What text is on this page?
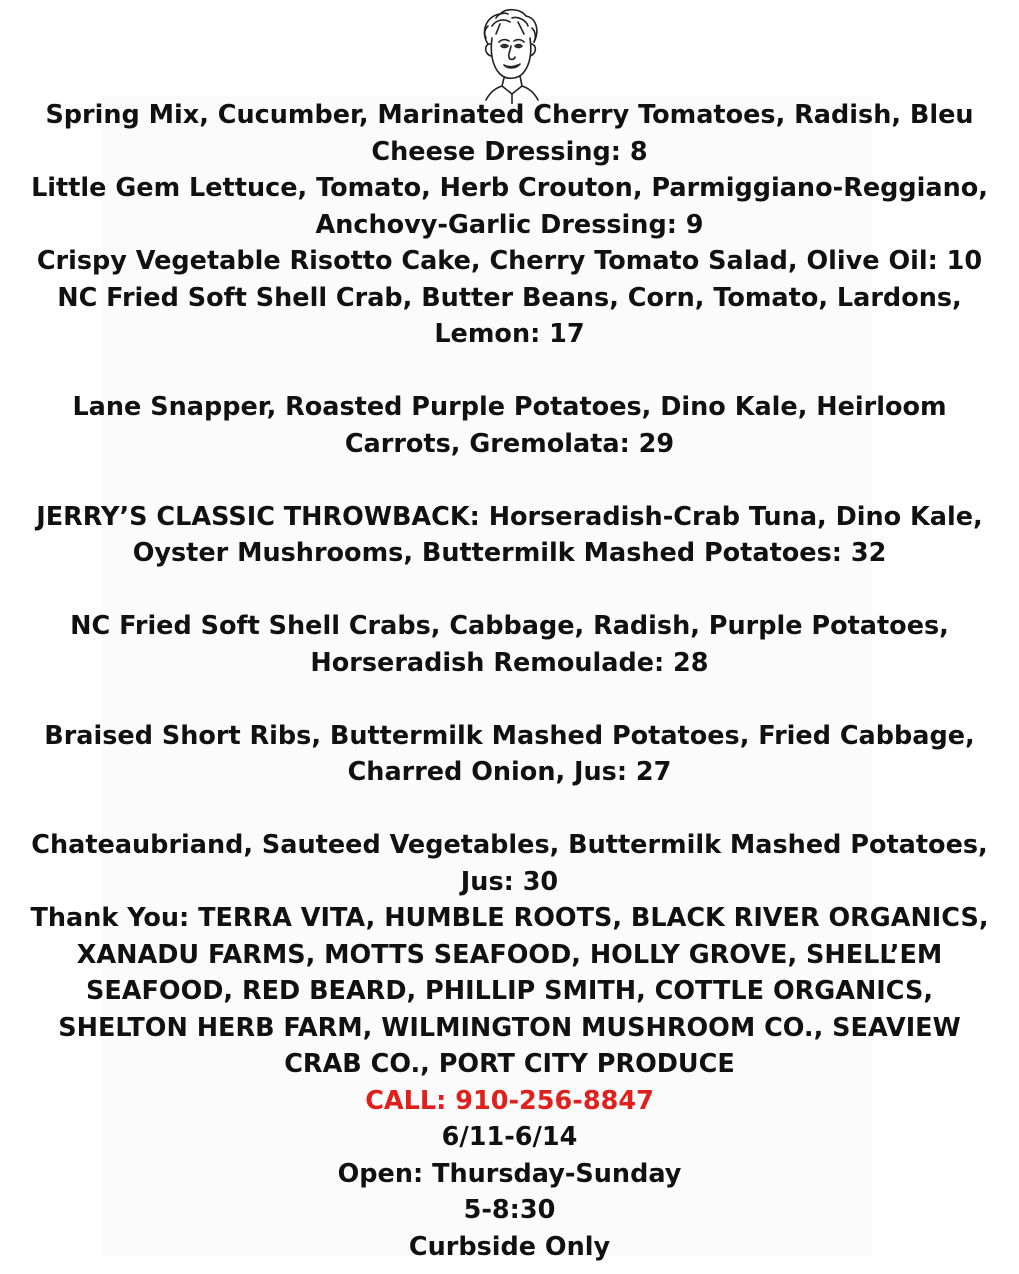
Spring Mix, Cucumber, Marinated Cherry Tomatoes, Radish, Bleu
Cheese Dressing: 8
Little Gem Lettuce, Tomato, Herb Crouton, Parmiggiano-Reggiano,
Anchovy-Garlic Dressing: 9
Crispy Vegetable Risotto Cake, Cherry Tomato Salad, Olive Oil: 10
NC Fried Soft Shell Crab, Butter Beans, Corn, Tomato, Lardons,
Lemon: 17
Lane Snapper, Roasted Purple Potatoes, Dino Kale, Heirloom
Carrots, Gremolata: 29
JERRY’S CLASSIC THROWBACK: Horseradish-Crab Tuna, Dino Kale,
Oyster Mushrooms, Buttermilk Mashed Potatoes: 32
NC Fried Soft Shell Crabs, Cabbage, Radish, Purple Potatoes,
Horseradish Remoulade: 28
Braised Short Ribs, Buttermilk Mashed Potatoes, Fried Cabbage,
Charred Onion, Jus: 27
Chateaubriand, Sauteed Vegetables, Buttermilk Mashed Potatoes,
Jus: 30
Thank You: TERRA VITA, HUMBLE ROOTS, BLACK RIVER ORGANICS,
XANADU FARMS, MOTTS SEAFOOD, HOLLY GROVE, SHELL’EM
SEAFOOD, RED BEARD, PHILLIP SMITH, COTTLE ORGANICS,
SHELTON HERB FARM, WILMINGTON MUSHROOM CO., SEAVIEW
CRAB CO., PORT CITY PRODUCE
CALL: 910-256-8847
6/11-6/14
Open: Thursday-Sunday
5-8:30
Curbside Only
